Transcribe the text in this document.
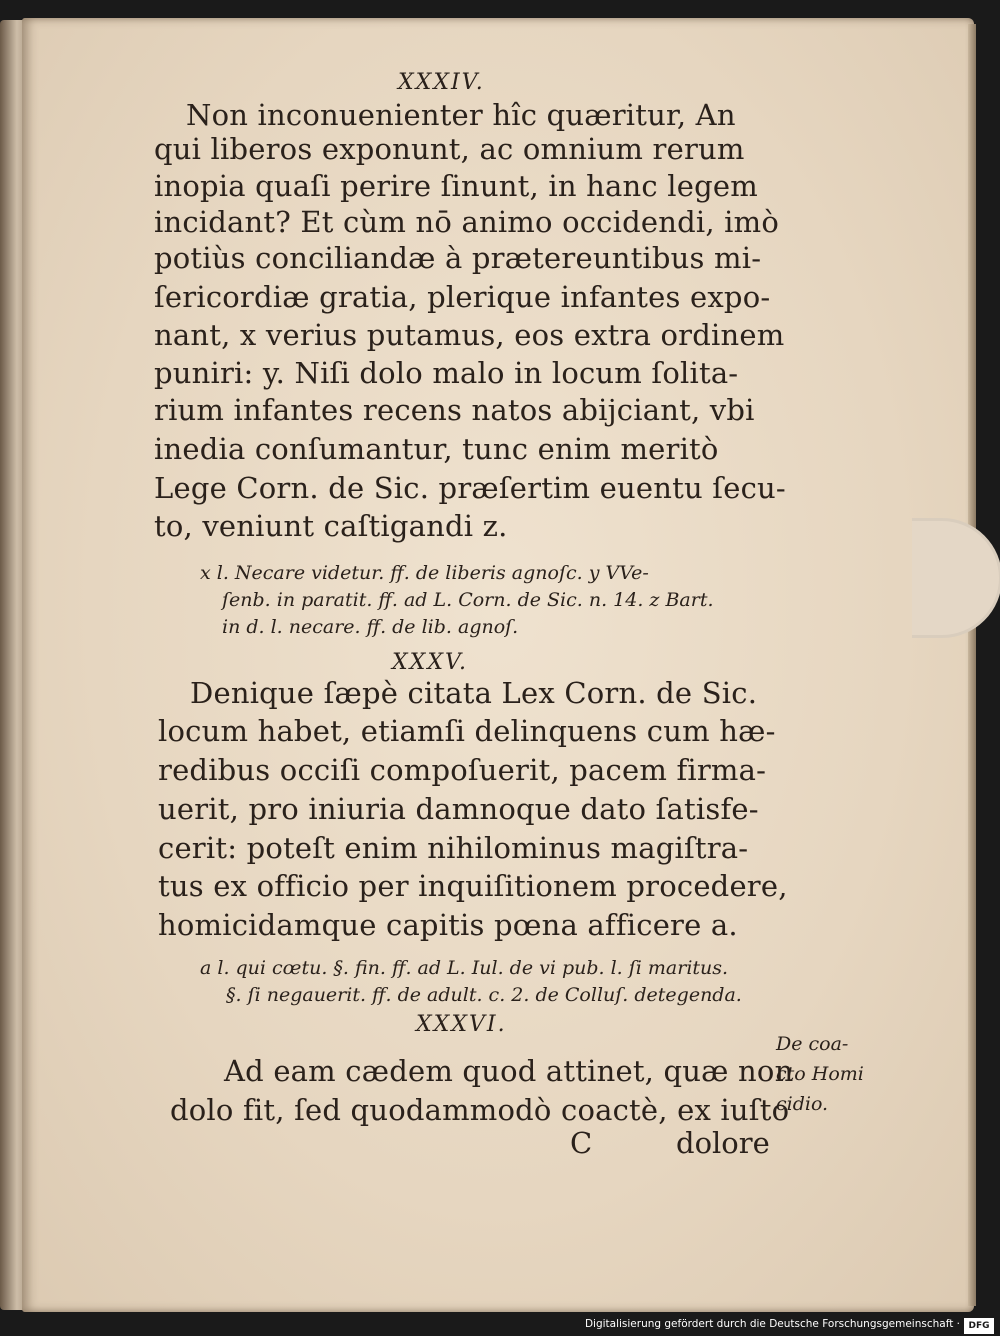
XXXIV.
Non inconuenienter hîc quæritur, An
qui liberos exponunt, ac omnium rerum
inopia quaſi perire ſinunt, in hanc legem
incidant? Et cùm nō animo occidendi, imò
potiùs conciliandæ à prætereuntibus mi-
ſericordiæ gratia, plerique infantes expo-
nant, x verius putamus, eos extra ordinem
puniri: y. Niſi dolo malo in locum ſolita-
rium infantes recens natos abijciant, vbi
inedia conſumantur, tunc enim meritò
Lege Corn. de Sic. præſertim euentu ſecu-
to, veniunt caſtigandi z.
x l. Necare videtur. ff. de liberis agnoſc. y VVe-
ſenb. in paratit. ff. ad L. Corn. de Sic. n. 14. z Bart.
in d. l. necare. ff. de lib. agnoſ.
XXXV.
Denique ſæpè citata Lex Corn. de Sic.
locum habet, etiamſi delinquens cum hæ-
redibus occiſi compoſuerit, pacem firma-
uerit, pro iniuria damnoque dato ſatisfe-
cerit: poteſt enim nihilominus magiſtra-
tus ex officio per inquiſitionem procedere,
homicidamque capitis pœna afficere a.
a l. qui cœtu. §. fin. ff. ad L. Iul. de vi pub. l. ſi maritus.
§. ſi negauerit. ff. de adult. c. 2. de Colluſ. detegenda.
XXXVI.
Ad eam cædem quod attinet, quæ non
dolo fit, ſed quodammodò coactè, ex iuſto
De coa-
cto Homi
cidio.
C	dolore
Digitalisierung gefördert durch die Deutsche Forschungsgemeinschaft · DFG
